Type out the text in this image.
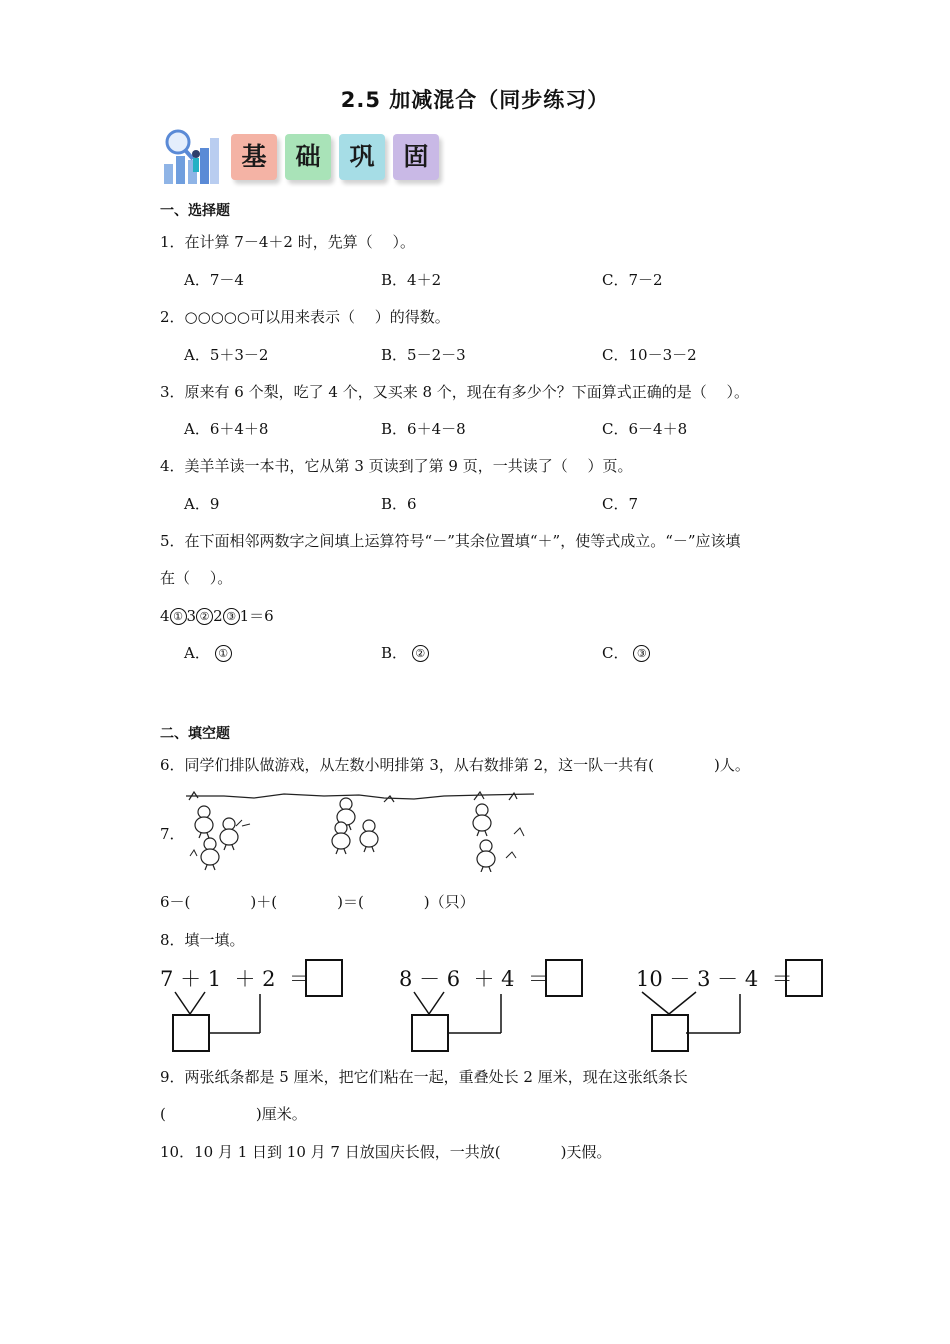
2.5 加减混合（同步练习）
基	础	巩	固
一、选择题
1．在计算 7－4＋2 时，先算（　 ）。
A．7－4	B．4＋2	C．7－2
2．○○○○○可以用来表示（　 ）的得数。
A．5＋3－2	B．5－2－3	C．10－3－2
3．原来有 6 个梨，吃了 4 个，又买来 8 个，现在有多少个？下面算式正确的是（　 ）。
A．6＋4＋8	B．6＋4－8	C．6－4＋8
4．美羊羊读一本书，它从第 3 页读到了第 9 页，一共读了（　 ）页。
A．9	B．6	C．7
5．在下面相邻两数字之间填上运算符号“－”其余位置填“＋”，使等式成立。“－”应该填
在（　 ）。
4 ① 3 ② 2 ③ 1＝6
A． ①	B． ②	C． ③
二、填空题
6．同学们排队做游戏，从左数小明排第 3，从右数排第 2，这一队一共有(　　　　)人。
7．
6－(　　　　)＋(　　　　)＝(　　　　)（只）
8．填一填。
7 ＋ 1 ＋ 2 ＝	8 － 6 ＋ 4 ＝	10 － 3 － 4 ＝
9．两张纸条都是 5 厘米，把它们粘在一起，重叠处长 2 厘米，现在这张纸条长
(　　　　　　)厘米。
10．10 月 1 日到 10 月 7 日放国庆长假，一共放(　　　　)天假。
